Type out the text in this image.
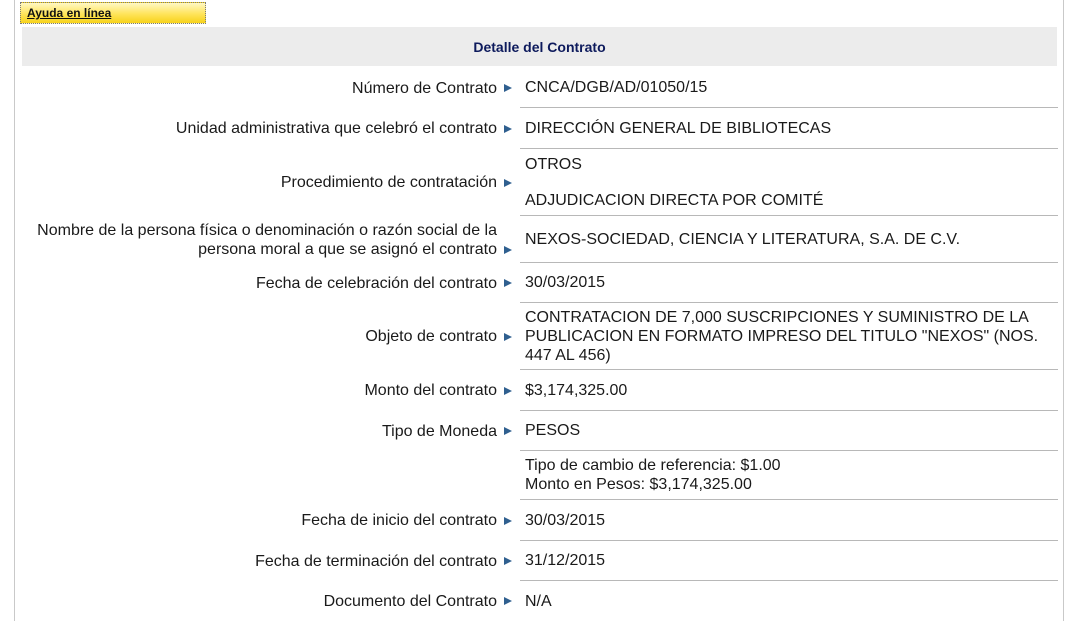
Ayuda en línea
Detalle del Contrato
Número de Contrato CNCA/DGB/AD/01050/15
Unidad administrativa que celebró el contrato DIRECCIÓN GENERAL DE BIBLIOTECAS
Procedimiento de contratación
OTROS
ADJUDICACION DIRECTA POR COMITÉ
Nombre de la persona física o denominación o razón social de la persona moral a que se asignó el contrato
NEXOS-SOCIEDAD, CIENCIA Y LITERATURA, S.A. DE C.V.
Fecha de celebración del contrato 30/03/2015
Objeto de contrato
CONTRATACION DE 7,000 SUSCRIPCIONES Y SUMINISTRO DE LA PUBLICACION EN FORMATO IMPRESO DEL TITULO "NEXOS" (NOS. 447 AL 456)
Monto del contrato $3,174,325.00
Tipo de Moneda PESOS
Tipo de cambio de referencia: $1.00
Monto en Pesos: $3,174,325.00
Fecha de inicio del contrato 30/03/2015
Fecha de terminación del contrato 31/12/2015
Documento del Contrato N/A
